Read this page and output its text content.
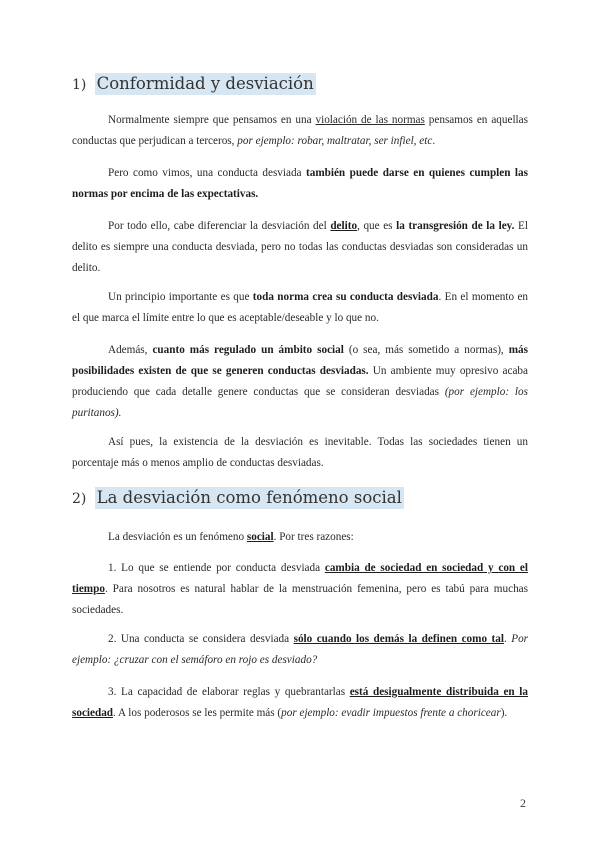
1) Conformidad y desviación
Normalmente siempre que pensamos en una violación de las normas pensamos en aquellas conductas que perjudican a terceros, por ejemplo: robar, maltratar, ser infiel, etc.
Pero como vimos, una conducta desviada también puede darse en quienes cumplen las normas por encima de las expectativas.
Por todo ello, cabe diferenciar la desviación del delito, que es la transgresión de la ley. El delito es siempre una conducta desviada, pero no todas las conductas desviadas son consideradas un delito.
Un principio importante es que toda norma crea su conducta desviada. En el momento en el que marca el límite entre lo que es aceptable/deseable y lo que no.
Además, cuanto más regulado un ámbito social (o sea, más sometido a normas), más posibilidades existen de que se generen conductas desviadas. Un ambiente muy opresivo acaba produciendo que cada detalle genere conductas que se consideran desviadas (por ejemplo: los puritanos).
Así pues, la existencia de la desviación es inevitable. Todas las sociedades tienen un porcentaje más o menos amplio de conductas desviadas.
2) La desviación como fenómeno social
La desviación es un fenómeno social. Por tres razones:
1. Lo que se entiende por conducta desviada cambia de sociedad en sociedad y con el tiempo. Para nosotros es natural hablar de la menstruación femenina, pero es tabú para muchas sociedades.
2. Una conducta se considera desviada sólo cuando los demás la definen como tal. Por ejemplo: ¿cruzar con el semáforo en rojo es desviado?
3. La capacidad de elaborar reglas y quebrantarlas está desigualmente distribuida en la sociedad. A los poderosos se les permite más (por ejemplo: evadir impuestos frente a choricear).
2
